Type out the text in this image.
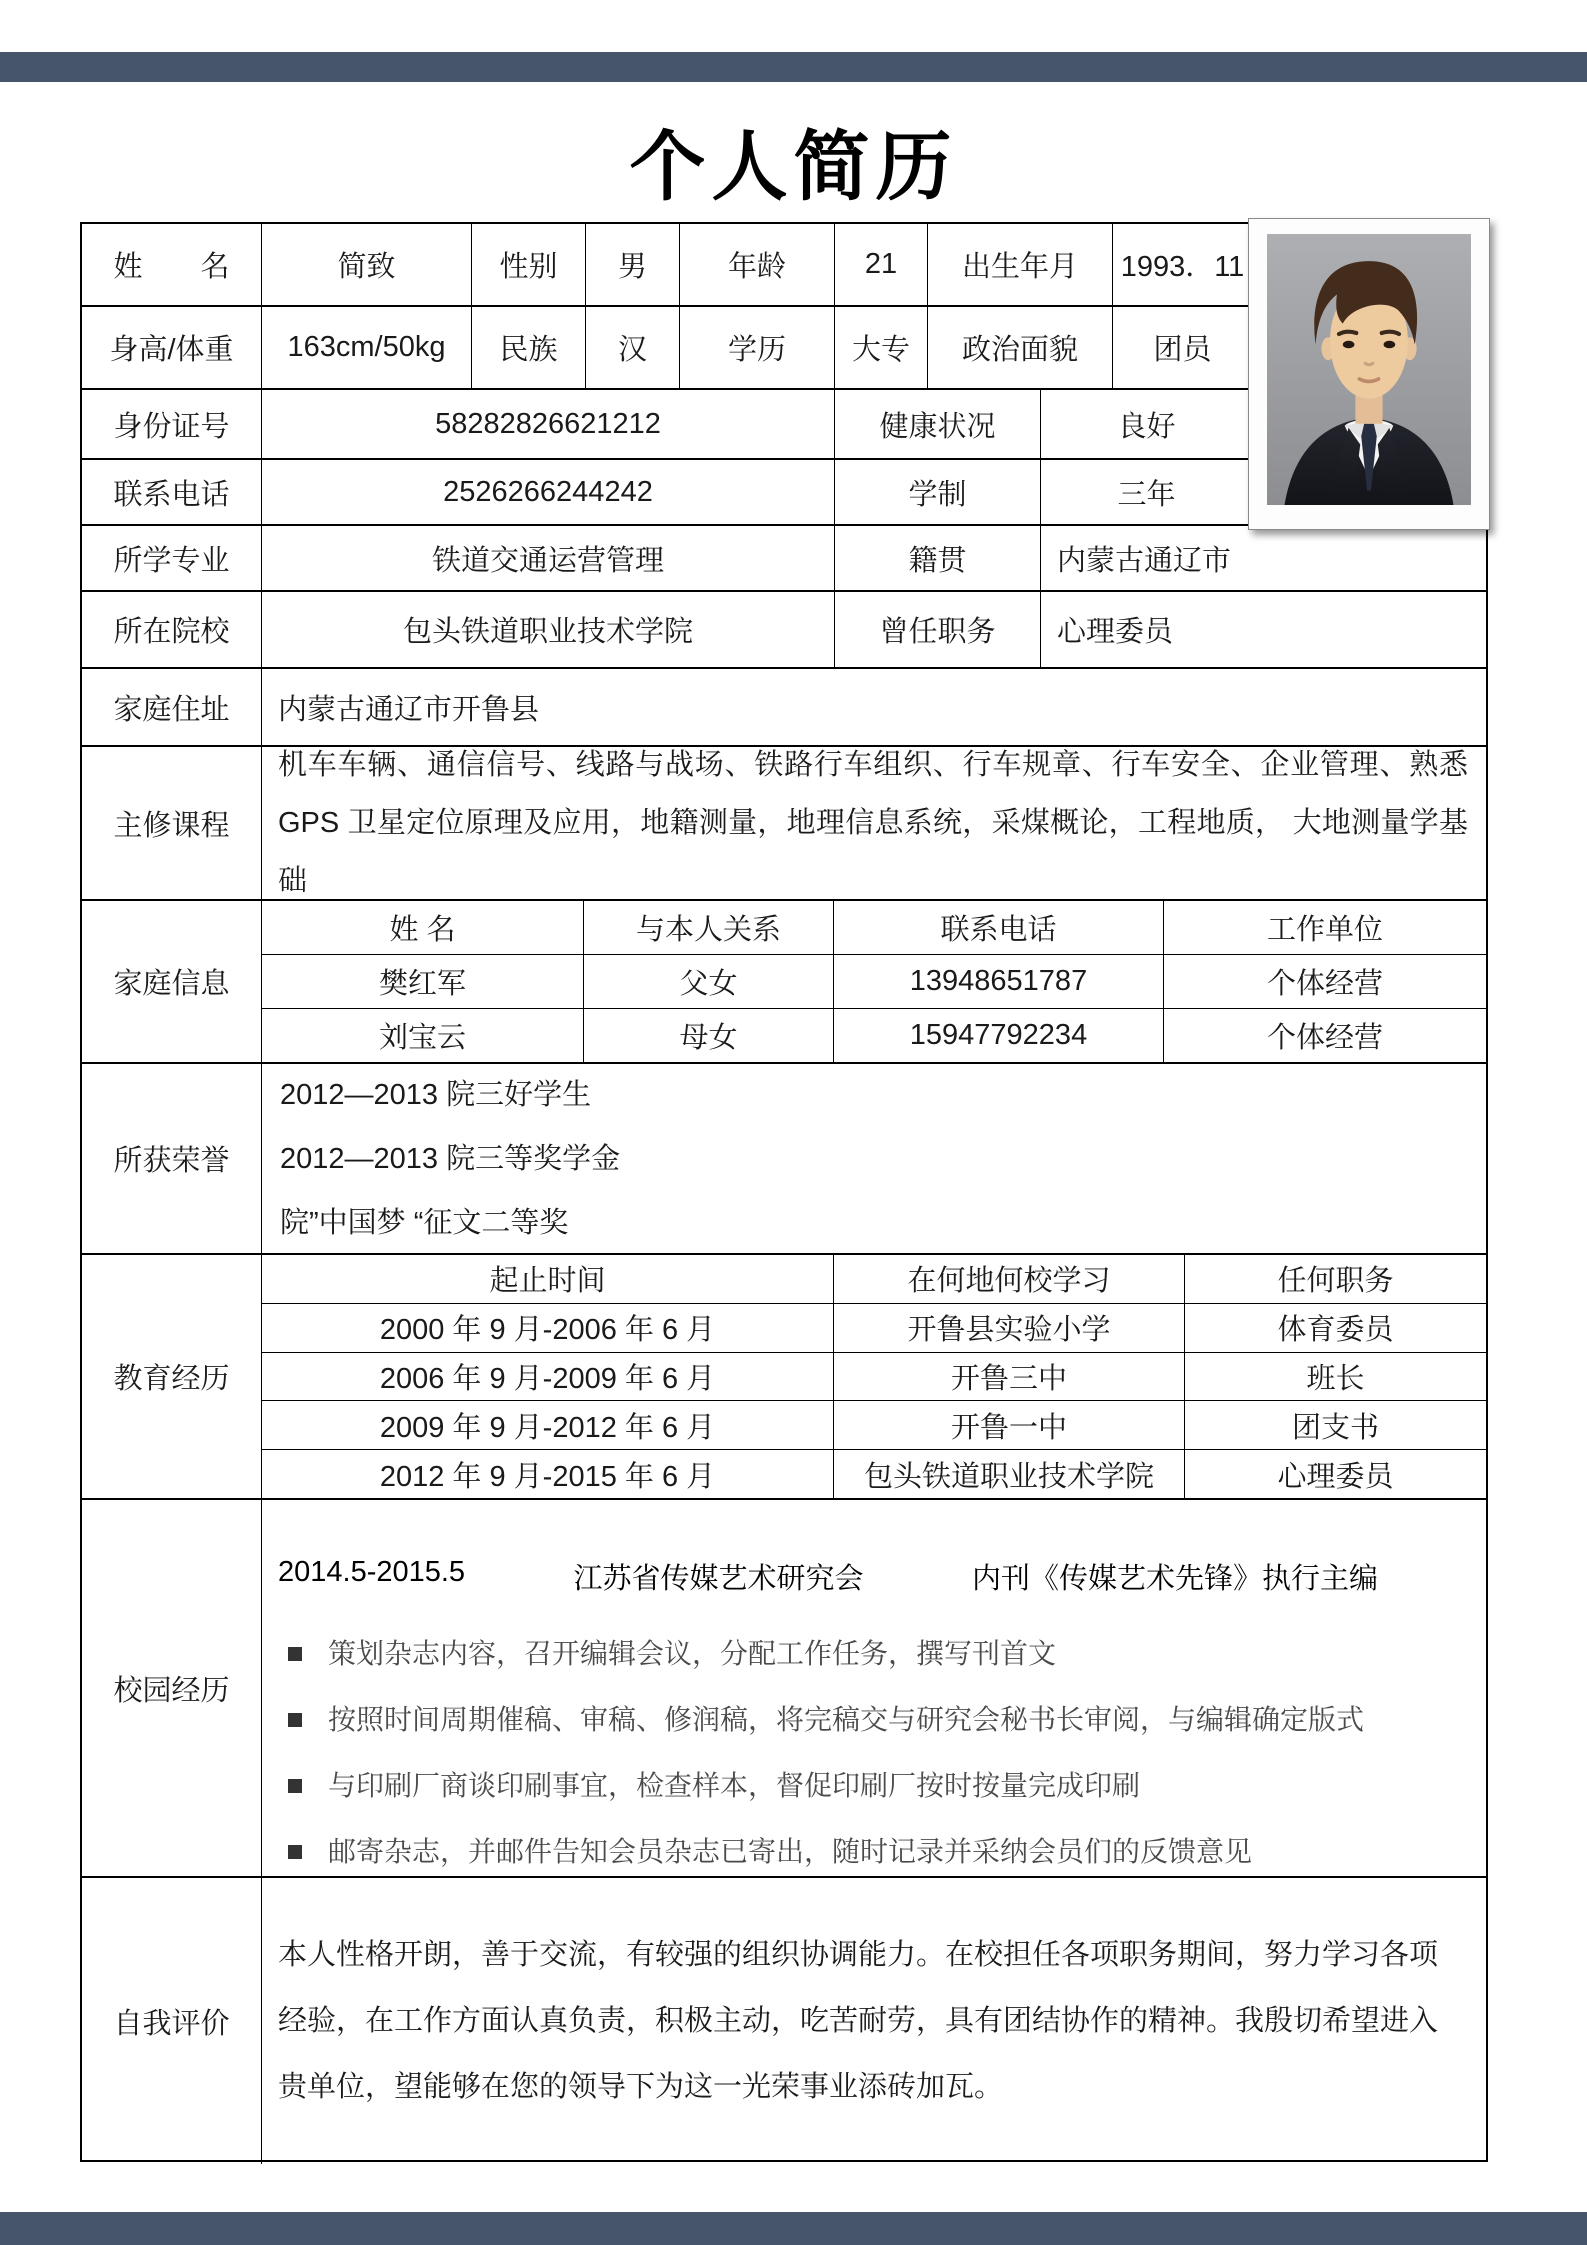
个人简历
姓　　名	简致	性别	男	年龄	21	出生年月	1993．11
身高/体重	163cm/50kg	民族	汉	学历	大专	政治面貌	团员
身份证号	58282826621212	健康状况	良好
联系电话	2526266244242	学制	三年
所学专业	铁道交通运营管理	籍贯	内蒙古通辽市
所在院校	包头铁道职业技术学院	曾任职务	心理委员
家庭住址	内蒙古通辽市开鲁县
主修课程
机车车辆、通信信号、线路与战场、铁路行车组织、行车规章、行车安全、企业管理、熟悉 GPS 卫星定位原理及应用，地籍测量，地理信息系统，采煤概论，工程地质， 大地测量学基础
家庭信息
姓 名	与本人关系	联系电话	工作单位
樊红军	父女	13948651787	个体经营
刘宝云	母女	15947792234	个体经营
所获荣誉
2012—2013 院三好学生
2012—2013 院三等奖学金
院”中国梦 “征文二等奖
教育经历
起止时间	在何地何校学习	任何职务
2000 年 9 月-2006 年 6 月	开鲁县实验小学	体育委员
2006 年 9 月-2009 年 6 月	开鲁三中	班长
2009 年 9 月-2012 年 6 月	开鲁一中	团支书
2012 年 9 月-2015 年 6 月	包头铁道职业技术学院	心理委员
校园经历
2014.5-2015.5	江苏省传媒艺术研究会	内刊《传媒艺术先锋》执行主编
策划杂志内容，召开编辑会议，分配工作任务，撰写刊首文
按照时间周期催稿、审稿、修润稿，将完稿交与研究会秘书长审阅，与编辑确定版式
与印刷厂商谈印刷事宜，检查样本，督促印刷厂按时按量完成印刷
邮寄杂志，并邮件告知会员杂志已寄出，随时记录并采纳会员们的反馈意见
自我评价
本人性格开朗，善于交流，有较强的组织协调能力。在校担任各项职务期间，努力学习各项经验，在工作方面认真负责，积极主动，吃苦耐劳，具有团结协作的精神。我殷切希望进入贵单位，望能够在您的领导下为这一光荣事业添砖加瓦。
